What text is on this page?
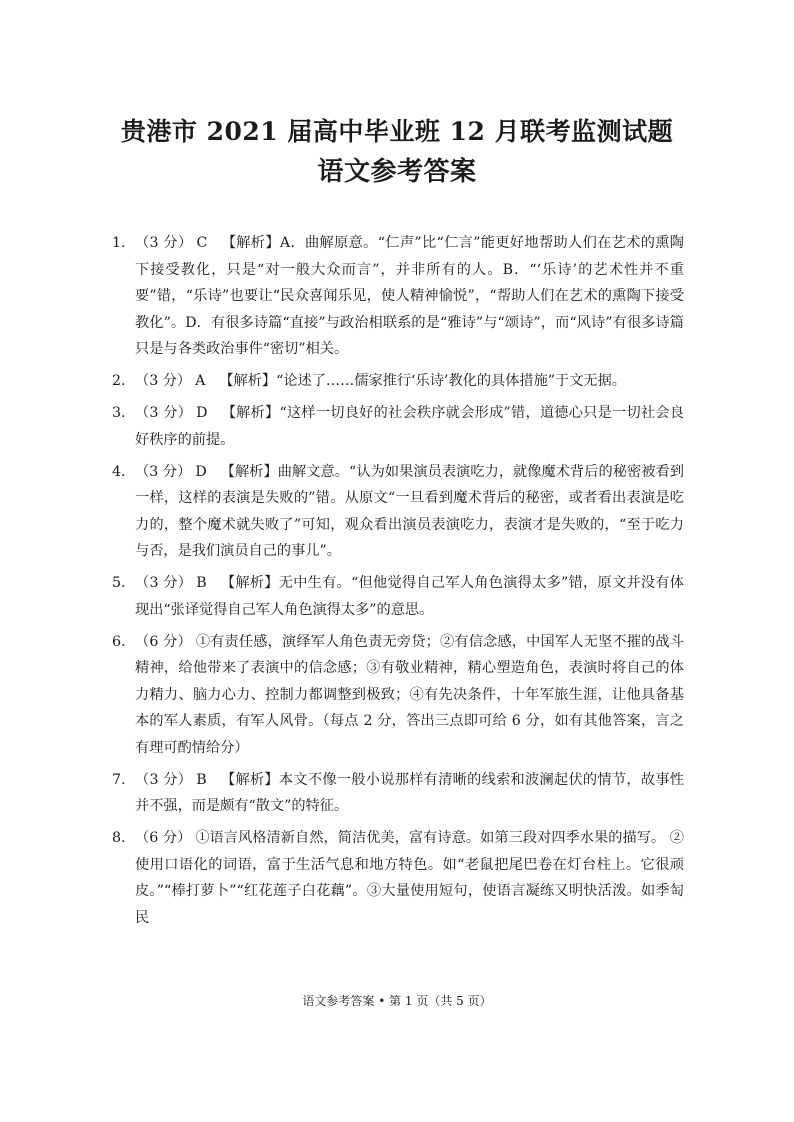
贵港市 2021 届高中毕业班 12 月联考监测试题
语文参考答案
1. （3 分） C 【解析】A．曲解原意。“仁声”比“仁言”能更好地帮助人们在艺术的熏陶下接受教化，只是“对一般大众而言”，并非所有的人。B．“‘乐诗’的艺术性并不重要”错，“乐诗”也要让“民众喜闻乐见，使人精神愉悦”，“帮助人们在艺术的熏陶下接受教化”。D．有很多诗篇“直接”与政治相联系的是“雅诗”与“颂诗”，而“风诗”有很多诗篇只是与各类政治事件“密切”相关。
2. （3 分） A 【解析】“论述了……儒家推行‘乐诗’教化的具体措施”于文无据。
3. （3 分） D 【解析】“这样一切良好的社会秩序就会形成”错，道德心只是一切社会良好秩序的前提。
4. （3 分） D 【解析】曲解文意。“认为如果演员表演吃力，就像魔术背后的秘密被看到一样，这样的表演是失败的”错。从原文“一旦看到魔术背后的秘密，或者看出表演是吃力的，整个魔术就失败了”可知，观众看出演员表演吃力，表演才是失败的，“至于吃力与否，是我们演员自己的事儿”。
5. （3 分） B 【解析】无中生有。“但他觉得自己军人角色演得太多”错，原文并没有体现出“张译觉得自己军人角色演得太多”的意思。
6. （6 分） ①有责任感，演绎军人角色责无旁贷；②有信念感，中国军人无坚不摧的战斗精神，给他带来了表演中的信念感；③有敬业精神，精心塑造角色，表演时将自己的体力精力、脑力心力、控制力都调整到极致；④有先决条件，十年军旅生涯，让他具备基本的军人素质，有军人风骨。（每点 2 分，答出三点即可给 6 分，如有其他答案，言之有理可酌情给分）
7. （3 分） B 【解析】本文不像一般小说那样有清晰的线索和波澜起伏的情节，故事性并不强，而是颇有“散文”的特征。
8. （6 分） ①语言风格清新自然，简洁优美，富有诗意。如第三段对四季水果的描写。 ②使用口语化的词语，富于生活气息和地方特色。如“老鼠把尾巴卷在灯台柱上。它很顽皮。”“棒打萝卜”“红花莲子白花藕”。③大量使用短句，使语言凝练又明快活泼。如季匋民
语文参考答案 • 第 1 页（共 5 页）
